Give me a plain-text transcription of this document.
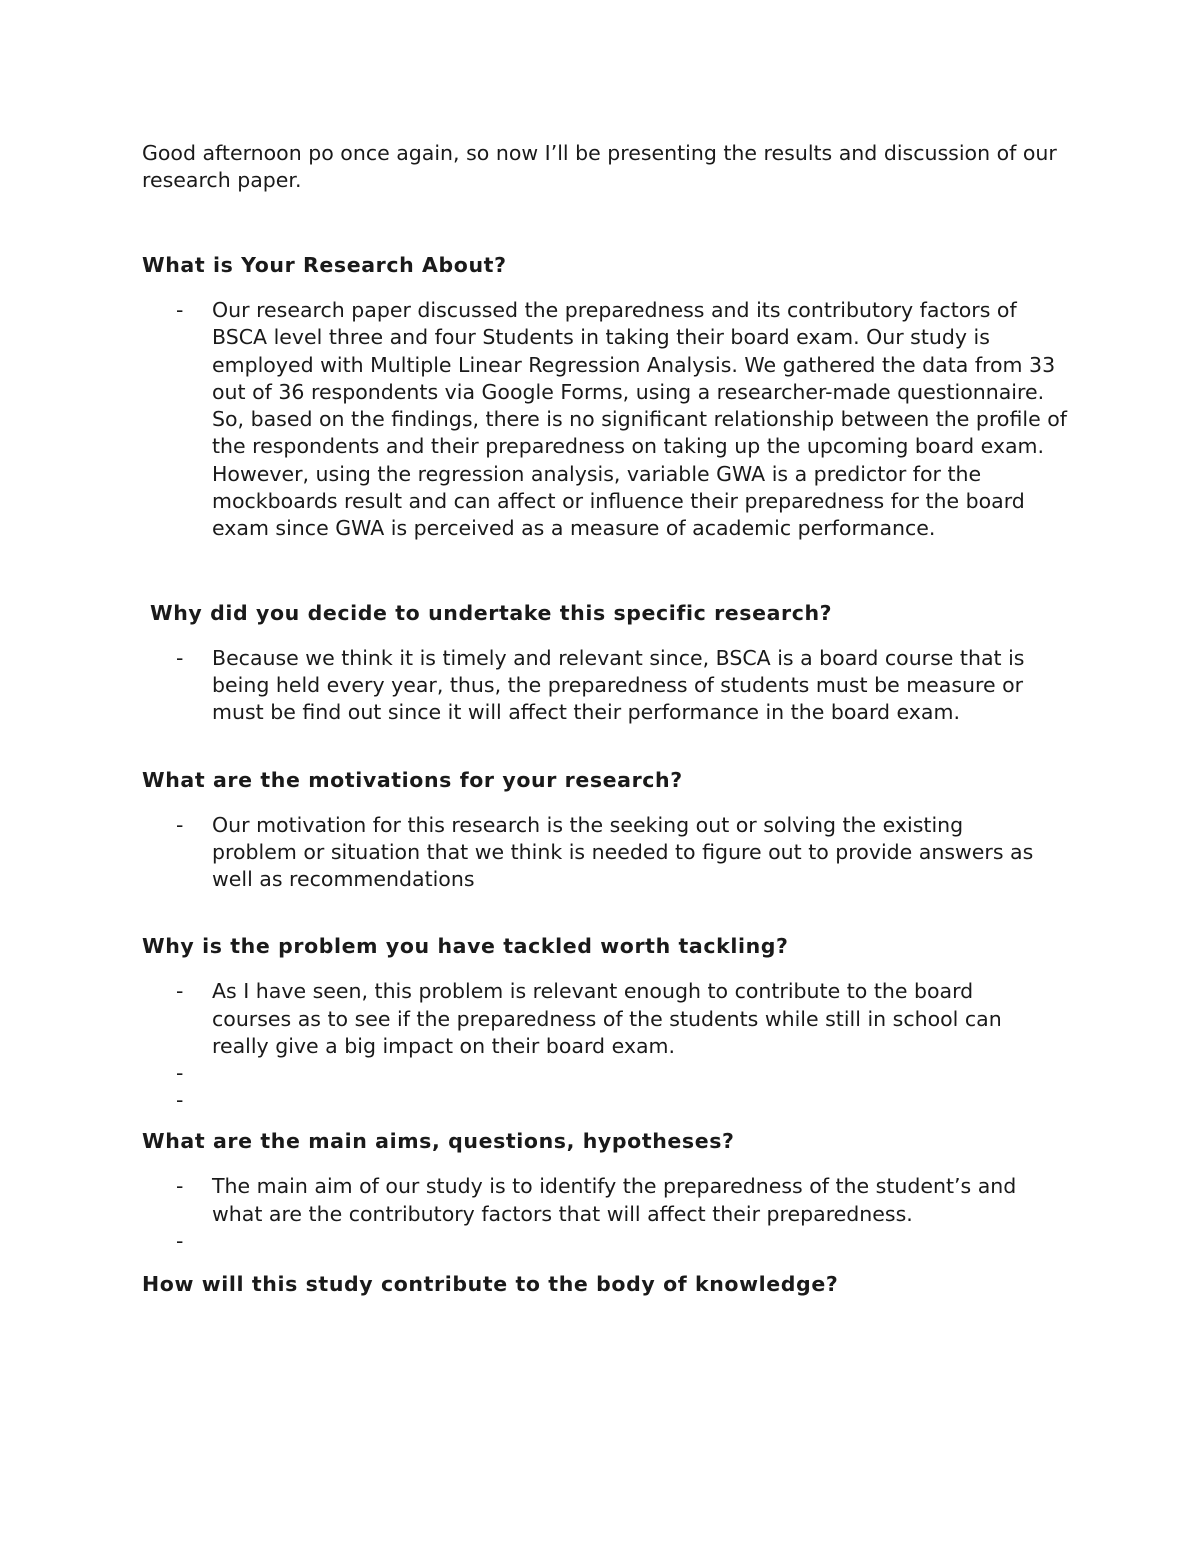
Good afternoon po once again, so now I’ll be presenting the results and discussion of our research paper.

What is Your Research About?

- Our research paper discussed the preparedness and its contributory factors of BSCA level three and four Students in taking their board exam. Our study is employed with Multiple Linear Regression Analysis. We gathered the data from 33 out of 36 respondents via Google Forms, using a researcher-made questionnaire. So, based on the findings, there is no significant relationship between the profile of the respondents and their preparedness on taking up the upcoming board exam. However, using the regression analysis, variable GWA is a predictor for the mockboards result and can affect or influence their preparedness for the board exam since GWA is perceived as a measure of academic performance.

Why did you decide to undertake this specific research?

- Because we think it is timely and relevant since, BSCA is a board course that is being held every year, thus, the preparedness of students must be measure or must be find out since it will affect their performance in the board exam.

What are the motivations for your research?

- Our motivation for this research is the seeking out or solving the existing problem or situation that we think is needed to figure out to provide answers as well as recommendations

Why is the problem you have tackled worth tackling?

- As I have seen, this problem is relevant enough to contribute to the board courses as to see if the preparedness of the students while still in school can really give a big impact on their board exam.
-
-

What are the main aims, questions, hypotheses?

- The main aim of our study is to identify the preparedness of the student’s and what are the contributory factors that will affect their preparedness.
-

How will this study contribute to the body of knowledge?
